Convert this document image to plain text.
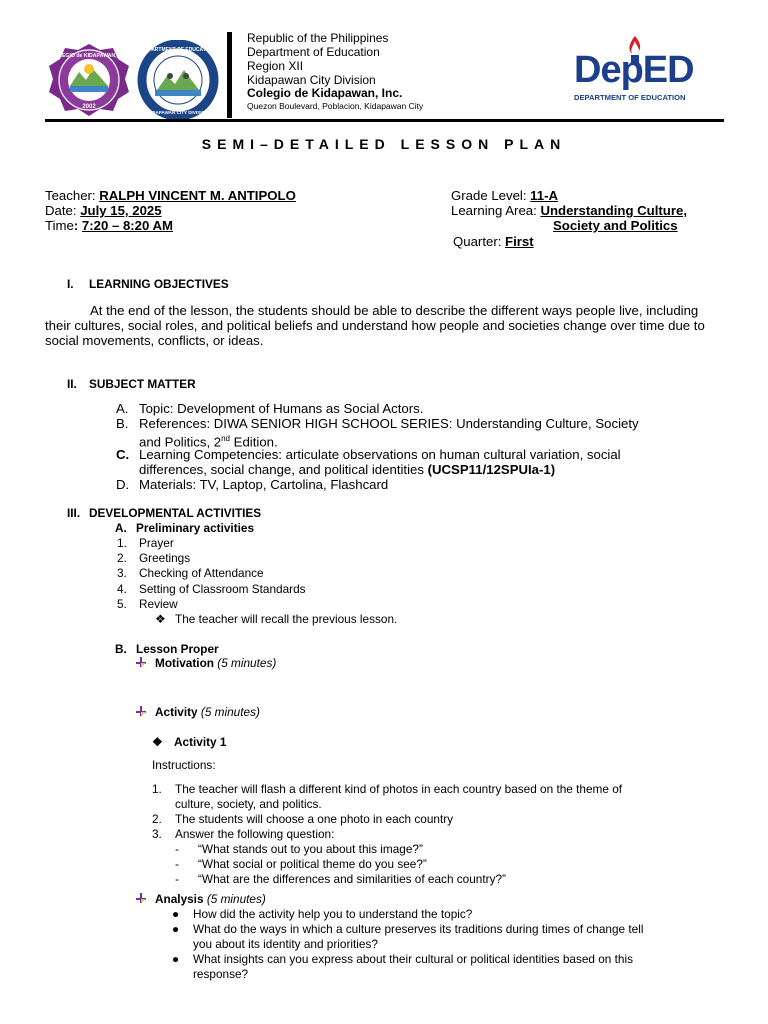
COLEGIO de KIDAPAWAN, Inc.
2002
DEPARTMENT OF EDUCATION
KIDAPAWAN CITY DIVISION
Republic of the Philippines
Department of Education
Region XII
Kidapawan City Division
Colegio de Kidapawan, Inc.
Quezon Boulevard, Poblacion, Kidapawan City
DepED
DEPARTMENT OF EDUCATION
SEMI–DETAILED LESSON PLAN
Teacher: RALPH VINCENT M. ANTIPOLO
Date: July 15, 2025
Time: 7:20 – 8:20 AM
Grade Level: 11-A
Learning Area: Understanding Culture,
Society and Politics
Quarter: First
I. LEARNING OBJECTIVES
At the end of the lesson, the students should be able to describe the different ways people live, including their cultures, social roles, and political beliefs and understand how people and societies change over time due to social movements, conflicts, or ideas.
II. SUBJECT MATTER
A. Topic: Development of Humans as Social Actors.
B. References: DIWA SENIOR HIGH SCHOOL SERIES: Understanding Culture, Society
and Politics, 2nd Edition.
C. Learning Competencies: articulate observations on human cultural variation, social
differences, social change, and political identities (UCSP11/12SPUIa-1)
D. Materials: TV, Laptop, Cartolina, Flashcard
III. DEVELOPMENTAL ACTIVITIES
A. Preliminary activities
1. Prayer
2. Greetings
3. Checking of Attendance
4. Setting of Classroom Standards
5. Review
❖ The teacher will recall the previous lesson.
B. Lesson Proper
Motivation (5 minutes)
Activity (5 minutes)
❖ Activity 1
Instructions:
1. The teacher will flash a different kind of photos in each country based on the theme of
culture, society, and politics.
2. The students will choose a one photo in each country
3. Answer the following question:
- “What stands out to you about this image?”
- “What social or political theme do you see?”
- “What are the differences and similarities of each country?”
Analysis (5 minutes)
● How did the activity help you to understand the topic?
● What do the ways in which a culture preserves its traditions during times of change tell
you about its identity and priorities?
● What insights can you express about their cultural or political identities based on this
response?
